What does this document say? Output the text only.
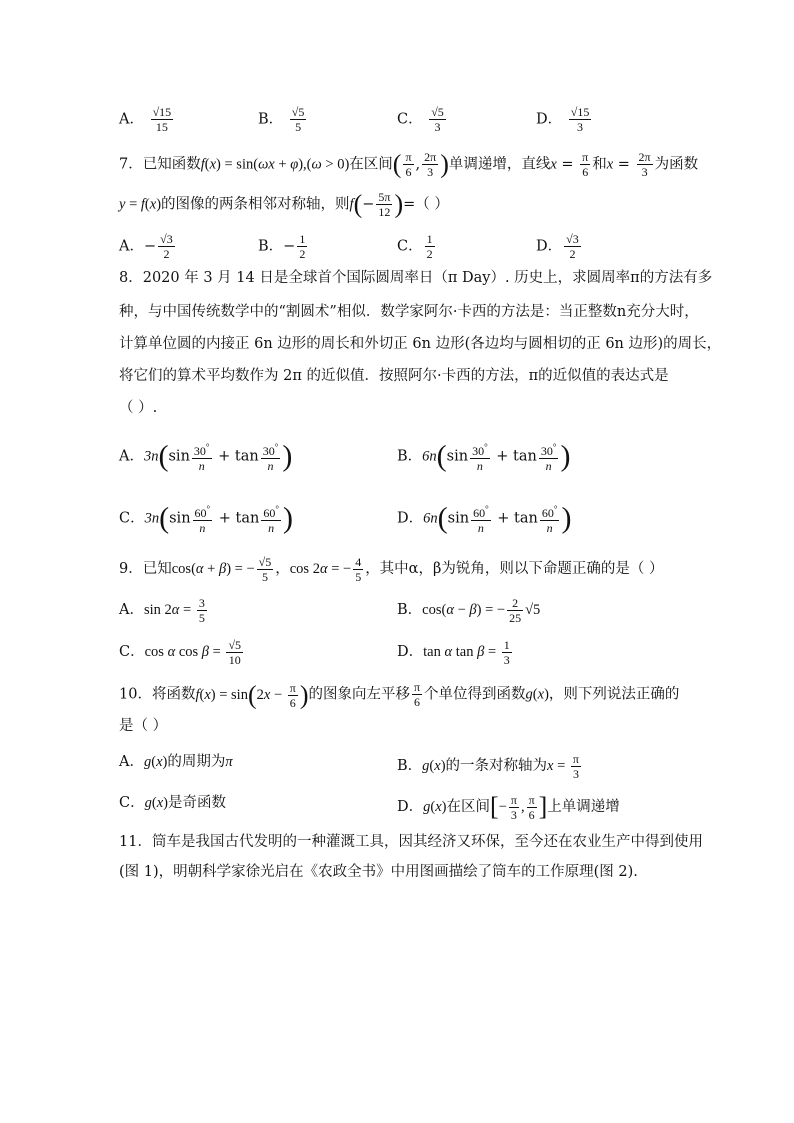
A． $\frac{√15}{15}$	B． $\frac{√5}{5}$	C． $\frac{√5}{3}$	D． $\frac{√15}{3}$
7．已知函数f(x) = sin(ωx + φ),(ω > 0)在区间( $\frac{\pi}{6}$ , $\frac{2\pi}{3}$ )单调递增，直线$x = \frac{\pi}{6}$ 和$x = \frac{2\pi}{3}$ 为函数
y = f(x)的图像的两条相邻对称轴，则$f(- \frac{5\pi}{12}$ )=（ ）
A．− $\frac{√3}{2}$	B．− $\frac{1}{2}$	C． $\frac{1}{2}$	D． $\frac{√3}{2}$
8．2020 年 3 月 14 日是全球首个国际圆周率日（π Day）. 历史上，求圆周率π的方法有多
种，与中国传统数学中的“割圆术”相似．数学家阿尔·卡西的方法是：当正整数n充分大时，
计算单位圆的内接正 6n 边形的周长和外切正 6n 边形(各边均与圆相切的正 6n 边形)的周长，
将它们的算术平均数作为 2π 的近似值．按照阿尔·卡西的方法，π的近似值的表达式是
（ ）.
A．$3n(\sin \frac{30^\circ}{n} + \tan \frac{30^\circ}{n}$ )	B．$6n(\sin \frac{30^\circ}{n} + \tan \frac{30^\circ}{n}$ )
C．$3n(\sin \frac{60^\circ}{n} + \tan \frac{60^\circ}{n}$ )	D．$6n(\sin \frac{60^\circ}{n} + \tan \frac{60^\circ}{n}$ )
9．已知cos(α + β) = − $\frac{√5}{5}$ ，cos 2α = − $\frac{4}{5}$ ，其中α，β为锐角，则以下命题正确的是（ ）
A．$\sin 2\alpha = \frac{3}{5}$	B．cos(α − β) = − $\frac{2}{25} √5$
C．cos α $\cos \beta = \frac{√5}{10}$	D．tan α $\tan \beta = \frac{1}{3}$
10．将函数$f(x) = \sin(2x - \frac{\pi}{6}$ )的图象向左平移 $\frac{\pi}{6}$ 个单位得到函数g(x)，则下列说法正确的
是（ ）
A．g(x)的周期为π	B．g(x)的一条对称轴为$x = \frac{\pi}{3}$
C．g(x)是奇函数	D．g(x)在区间[− $\frac{\pi}{3}$ , $\frac{\pi}{6}$ ]上单调递增
11．筒车是我国古代发明的一种灌溉工具，因其经济又环保，至今还在农业生产中得到使用
(图 1)，明朝科学家徐光启在《农政全书》中用图画描绘了筒车的工作原理(图 2).
